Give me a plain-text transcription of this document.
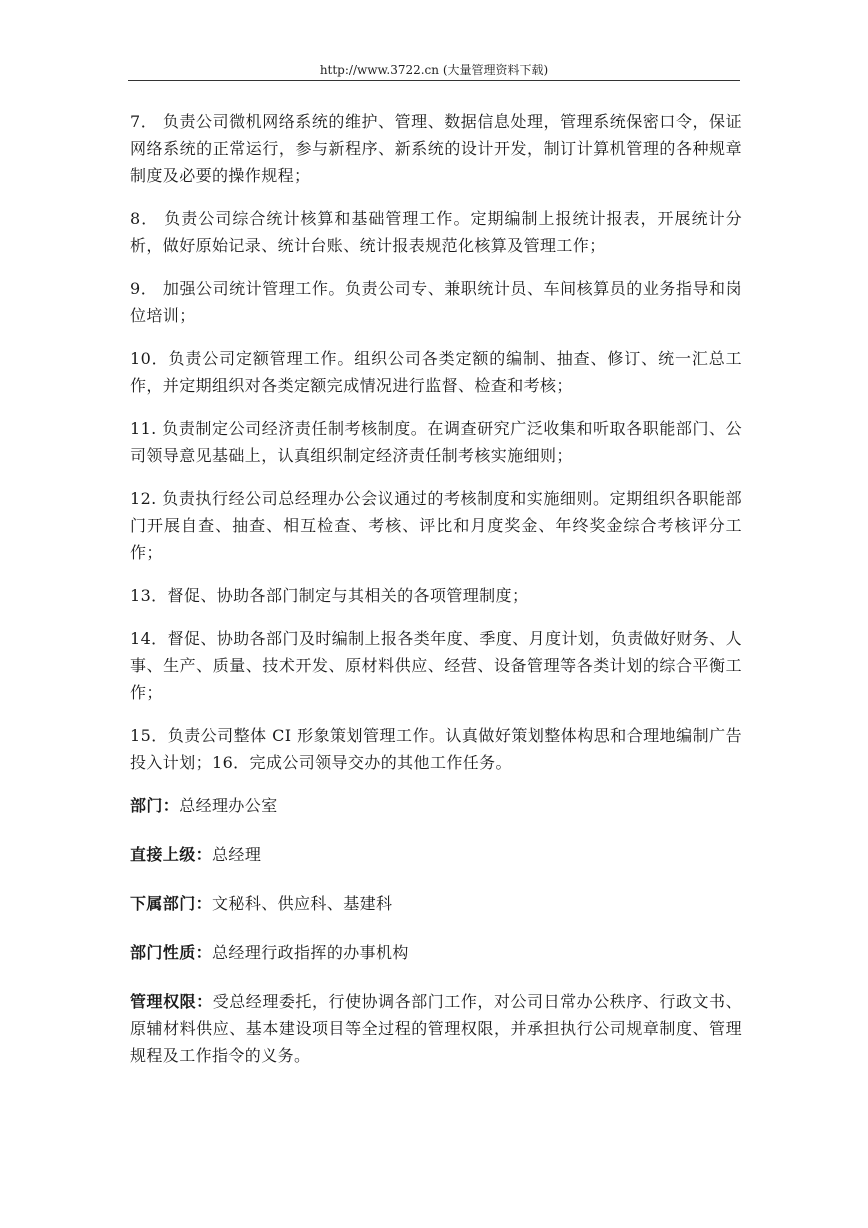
http://www.3722.cn (大量管理资料下载)

7． 负责公司微机网络系统的维护、管理、数据信息处理，管理系统保密口令，保证网络系统的正常运行，参与新程序、新系统的设计开发，制订计算机管理的各种规章制度及必要的操作规程；

8． 负责公司综合统计核算和基础管理工作。定期编制上报统计报表，开展统计分析，做好原始记录、统计台账、统计报表规范化核算及管理工作；

9． 加强公司统计管理工作。负责公司专、兼职统计员、车间核算员的业务指导和岗位培训；

10．负责公司定额管理工作。组织公司各类定额的编制、抽查、修订、统一汇总工作，并定期组织对各类定额完成情况进行监督、检查和考核；

11. 负责制定公司经济责任制考核制度。在调查研究广泛收集和听取各职能部门、公司领导意见基础上，认真组织制定经济责任制考核实施细则；

12. 负责执行经公司总经理办公会议通过的考核制度和实施细则。定期组织各职能部门开展自查、抽查、相互检查、考核、评比和月度奖金、年终奖金综合考核评分工作；

13．督促、协助各部门制定与其相关的各项管理制度；

14．督促、协助各部门及时编制上报各类年度、季度、月度计划，负责做好财务、人事、生产、质量、技术开发、原材料供应、经营、设备管理等各类计划的综合平衡工作；

15．负责公司整体 CI 形象策划管理工作。认真做好策划整体构思和合理地编制广告投入计划；16．完成公司领导交办的其他工作任务。

部门：总经理办公室

直接上级：总经理

下属部门：文秘科、供应科、基建科

部门性质：总经理行政指挥的办事机构

管理权限：受总经理委托，行使协调各部门工作，对公司日常办公秩序、行政文书、原辅材料供应、基本建设项目等全过程的管理权限，并承担执行公司规章制度、管理规程及工作指令的义务。
